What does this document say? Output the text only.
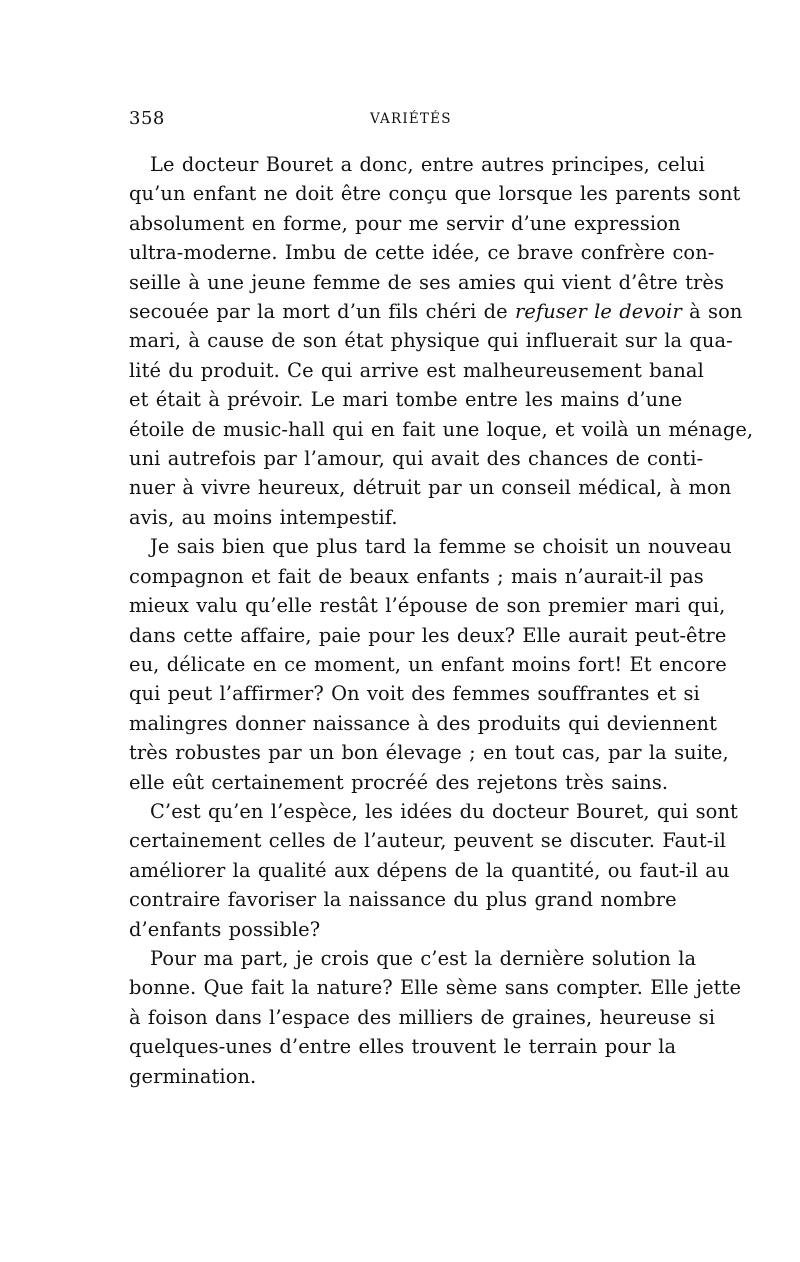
358	VARIÉTÉS
Le docteur Bouret a donc, entre autres principes, celui
qu’un enfant ne doit être conçu que lorsque les parents sont
absolument en forme, pour me servir d’une expression
ultra-moderne. Imbu de cette idée, ce brave confrère con-
seille à une jeune femme de ses amies qui vient d’être très
secouée par la mort d’un fils chéri de refuser le devoir à son
mari, à cause de son état physique qui influerait sur la qua-
lité du produit. Ce qui arrive est malheureusement banal
et était à prévoir. Le mari tombe entre les mains d’une
étoile de music-hall qui en fait une loque, et voilà un ménage,
uni autrefois par l’amour, qui avait des chances de conti-
nuer à vivre heureux, détruit par un conseil médical, à mon
avis, au moins intempestif.
Je sais bien que plus tard la femme se choisit un nouveau
compagnon et fait de beaux enfants ; mais n’aurait-il pas
mieux valu qu’elle restât l’épouse de son premier mari qui,
dans cette affaire, paie pour les deux? Elle aurait peut-être
eu, délicate en ce moment, un enfant moins fort! Et encore
qui peut l’affirmer? On voit des femmes souffrantes et si
malingres donner naissance à des produits qui deviennent
très robustes par un bon élevage ; en tout cas, par la suite,
elle eût certainement procréé des rejetons très sains.
C’est qu’en l’espèce, les idées du docteur Bouret, qui sont
certainement celles de l’auteur, peuvent se discuter. Faut-il
améliorer la qualité aux dépens de la quantité, ou faut-il au
contraire favoriser la naissance du plus grand nombre
d’enfants possible?
Pour ma part, je crois que c’est la dernière solution la
bonne. Que fait la nature? Elle sème sans compter. Elle jette
à foison dans l’espace des milliers de graines, heureuse si
quelques-unes d’entre elles trouvent le terrain pour la
germination.
